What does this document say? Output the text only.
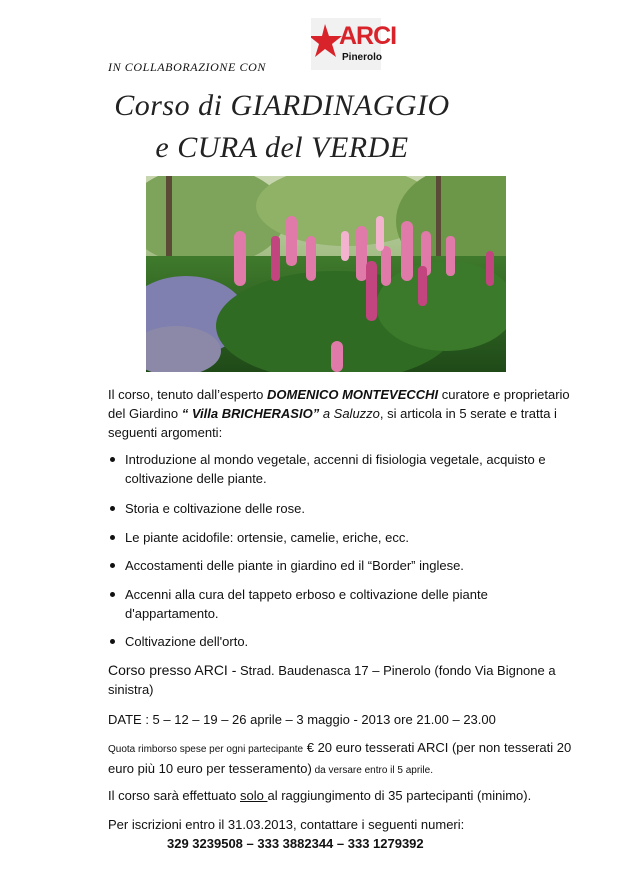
IN COLLABORAZIONE CON
ARCI
Pinerolo
Corso di GIARDINAGGIO
e CURA del VERDE
Il corso, tenuto dall’esperto DOMENICO MONTEVECCHI curatore e proprietario del Giardino “ Villa BRICHERASIO” a Saluzzo, si articola in 5 serate e tratta i seguenti argomenti:
Introduzione al mondo vegetale, accenni di fisiologia vegetale, acquisto e coltivazione delle piante.
Storia e coltivazione delle rose.
Le piante acidofile: ortensie, camelie, eriche, ecc.
Accostamenti delle piante in giardino ed il “Border” inglese.
Accenni alla cura del tappeto erboso e coltivazione delle piante d'appartamento.
Coltivazione dell'orto.
Corso presso ARCI - Strad. Baudenasca 17 – Pinerolo (fondo Via Bignone a sinistra)
DATE : 5 – 12 – 19 – 26 aprile – 3 maggio - 2013 ore 21.00 – 23.00
Quota rimborso spese per ogni partecipante € 20 euro tesserati ARCI (per non tesserati 20 euro più 10 euro per tesseramento) da versare entro il 5 aprile.
Il corso sarà effettuato solo al raggiungimento di 35 partecipanti (minimo).
Per iscrizioni entro il 31.03.2013, contattare i seguenti numeri:
329 3239508 – 333 3882344 – 333 1279392
